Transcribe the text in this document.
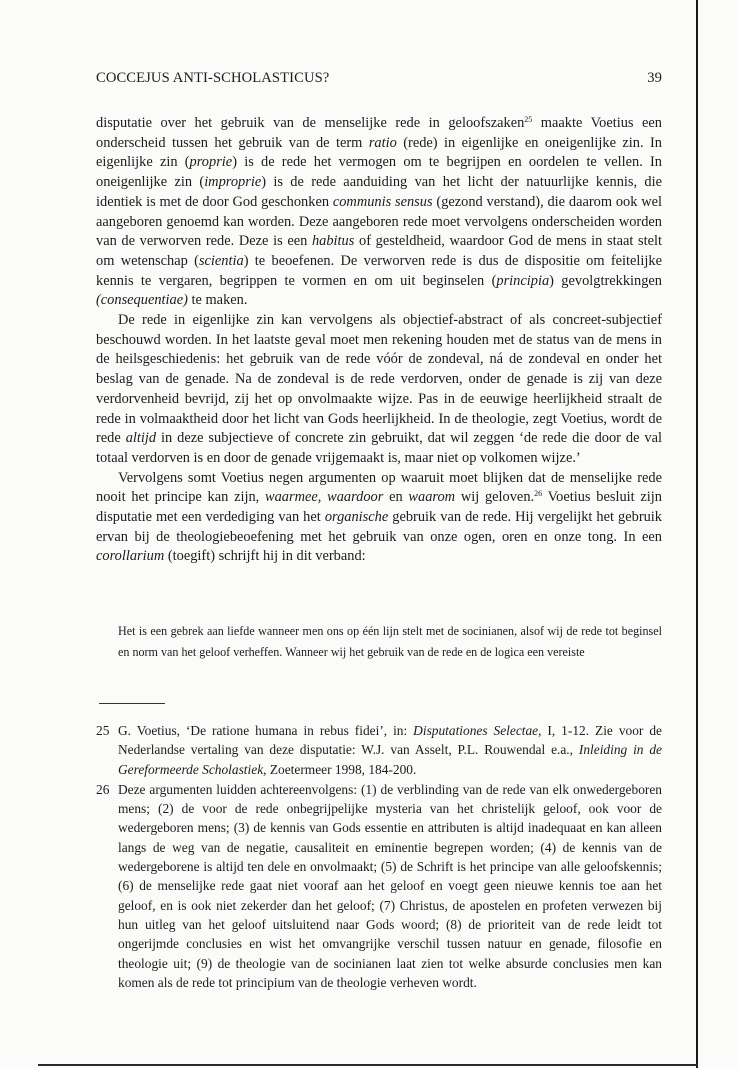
COCCEJUS ANTI-SCHOLASTICUS?	39

disputatie over het gebruik van de menselijke rede in geloofszaken$^{25}$ maakte Voetius een onderscheid tussen het gebruik van de term ratio (rede) in eigenlijke en oneigenlijke zin. In eigenlijke zin (proprie) is de rede het vermogen om te begrijpen en oordelen te vellen. In oneigenlijke zin (improprie) is de rede aanduiding van het licht der natuurlijke kennis, die identiek is met de door God geschonken communis sensus (gezond verstand), die daarom ook wel aangeboren genoemd kan worden. Deze aangeboren rede moet vervolgens onderscheiden worden van de verworven rede. Deze is een habitus of gesteldheid, waardoor God de mens in staat stelt om wetenschap (scientia) te beoefenen. De verworven rede is dus de dispositie om feitelijke kennis te vergaren, begrippen te vormen en om uit beginselen (principia) gevolgtrekkingen (consequentiae) te maken.

De rede in eigenlijke zin kan vervolgens als objectief-abstract of als concreet-subjectief beschouwd worden. In het laatste geval moet men rekening houden met de status van de mens in de heilsgeschiedenis: het gebruik van de rede vóór de zondeval, ná de zondeval en onder het beslag van de genade. Na de zondeval is de rede verdorven, onder de genade is zij van deze verdorvenheid bevrijd, zij het op onvolmaakte wijze. Pas in de eeuwige heerlijkheid straalt de rede in volmaaktheid door het licht van Gods heerlijkheid. In de theologie, zegt Voetius, wordt de rede altijd in deze subjectieve of concrete zin gebruikt, dat wil zeggen ‘de rede die door de val totaal verdorven is en door de genade vrijgemaakt is, maar niet op volkomen wijze.’

Vervolgens somt Voetius negen argumenten op waaruit moet blijken dat de menselijke rede nooit het principe kan zijn, waarmee, waardoor en waarom wij geloven.$^{26}$ Voetius besluit zijn disputatie met een verdediging van het organische gebruik van de rede. Hij vergelijkt het gebruik ervan bij de theologiebeoefening met het gebruik van onze ogen, oren en onze tong. In een corollarium (toegift) schrijft hij in dit verband:

Het is een gebrek aan liefde wanneer men ons op één lijn stelt met de socinianen, alsof wij de rede tot beginsel en norm van het geloof verheffen. Wanneer wij het gebruik van de rede en de logica een vereiste
25 G. Voetius, ‘De ratione humana in rebus fidei’, in: Disputationes Selectae, I, 1-12. Zie voor de Nederlandse vertaling van deze disputatie: W.J. van Asselt, P.L. Rouwendal e.a., Inleiding in de Gereformeerde Scholastiek, Zoetermeer 1998, 184-200.
26 Deze argumenten luidden achtereenvolgens: (1) de verblinding van de rede van elk onwedergeboren mens; (2) de voor de rede onbegrijpelijke mysteria van het christelijk geloof, ook voor de wedergeboren mens; (3) de kennis van Gods essentie en attributen is altijd inadequaat en kan alleen langs de weg van de negatie, causaliteit en eminentie begrepen worden; (4) de kennis van de wedergeborene is altijd ten dele en onvolmaakt; (5) de Schrift is het principe van alle geloofskennis; (6) de menselijke rede gaat niet vooraf aan het geloof en voegt geen nieuwe kennis toe aan het geloof, en is ook niet zekerder dan het geloof; (7) Christus, de apostelen en profeten verwezen bij hun uitleg van het geloof uitsluitend naar Gods woord; (8) de prioriteit van de rede leidt tot ongerijmde conclusies en wist het omvangrijke verschil tussen natuur en genade, filosofie en theologie uit; (9) de theologie van de socinianen laat zien tot welke absurde conclusies men kan komen als de rede tot principium van de theologie verheven wordt.
